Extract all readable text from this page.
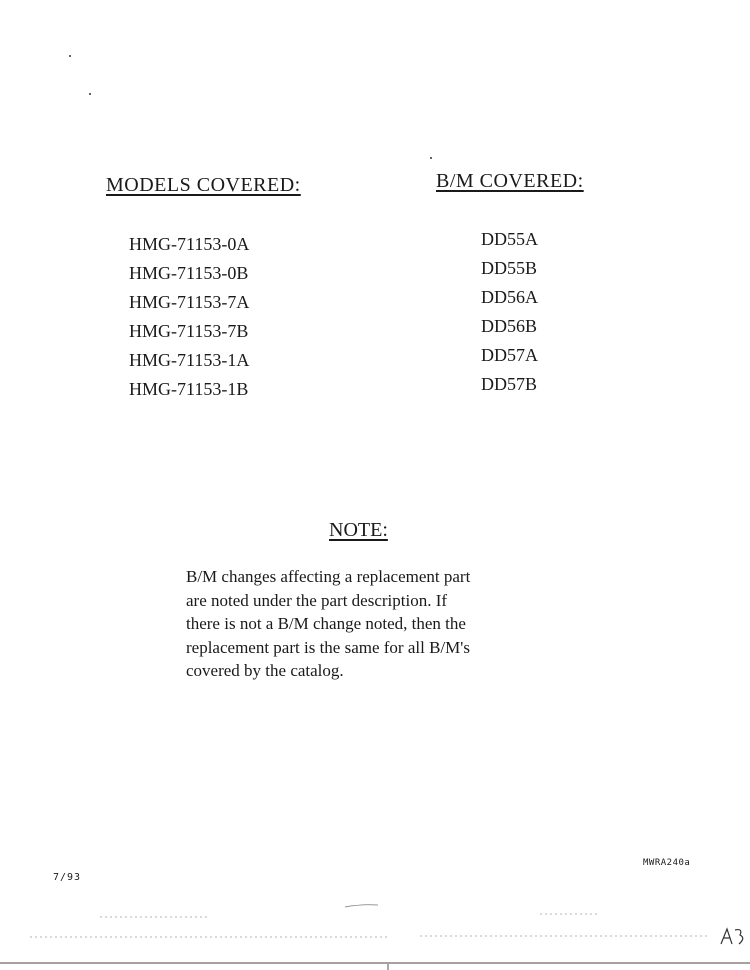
MODELS COVERED:	B/M COVERED:
HMG-71153-0A
HMG-71153-0B
HMG-71153-7A
HMG-71153-7B
HMG-71153-1A
HMG-71153-1B
DD55A
DD55B
DD56A
DD56B
DD57A
DD57B
NOTE:

B/M changes affecting a replacement part
are noted under the part description. If
there is not a B/M change noted, then the
replacement part is the same for all B/M's
covered by the catalog.

7/93
MWRA240a
